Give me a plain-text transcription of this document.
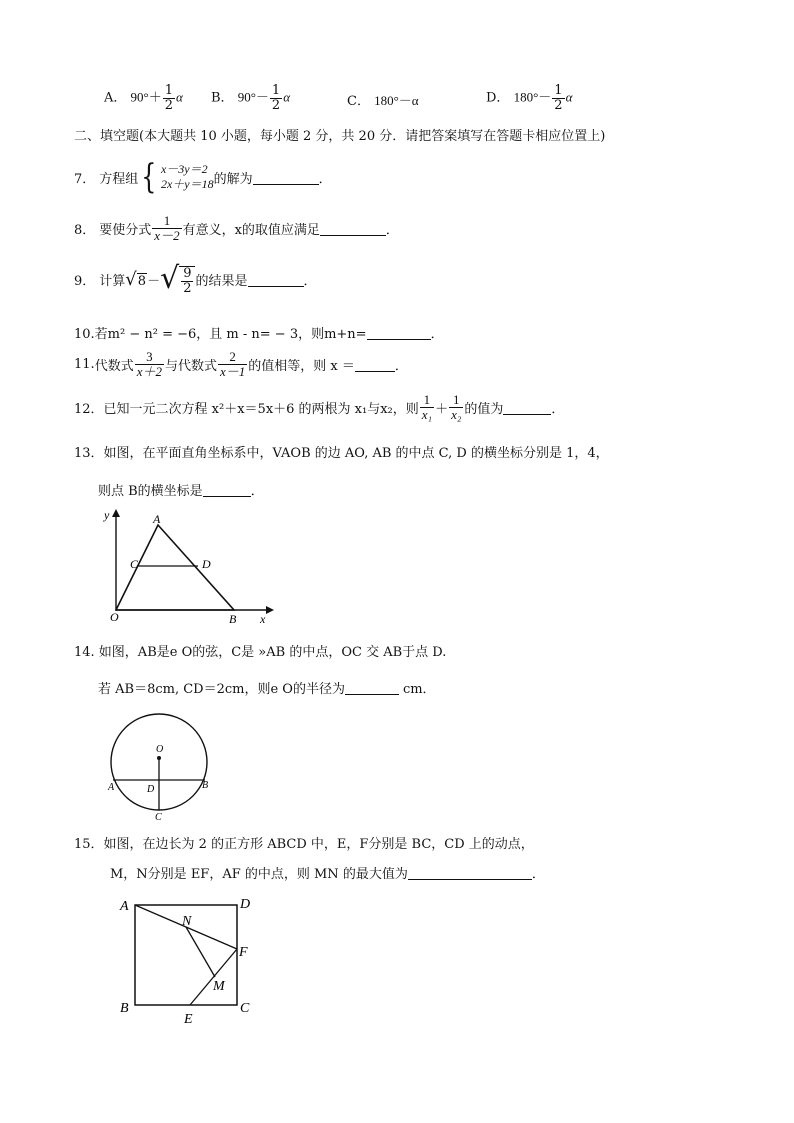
A． $90^\circ+ \frac{1}{2}$ α B． $90^\circ- \frac{1}{2}$ α	C． 180°－α	D． $180^\circ- \frac{1}{2}$ α
二、填空题(本大题共 10 小题，每小题 2 分，共 20 分．请把答案填写在答题卡相应位置上)
7． 方程组 { x－3y＝2
2x＋y＝18 的解为	．
8． 要使分式 $\frac{1}{x-2}$ 有意义，x的取值应满足	．
9． 计算 √ 8 － √ $\frac{9}{2}$ 的结果是	．
10.若m² − n² = −6，且 m - n= − 3，则m+n=	．
11. 代数式 $\frac{3}{x+2}$ 与代数式 $\frac{2}{x-1}$ 的值相等，则 x ＝	．
12．已知一元二次方程 x²＋x＝5x＋6 的两根为 x₁与x₂，则 $\frac{1}{\text{x₁}} + \frac{1}{\text{x₂}}$ 的值为	．
13．如图，在平面直角坐标系中，VAOB 的边 AO, AB 的中点 C, D 的横坐标分别是 1，4，
则点 B的横坐标是	．
y
x
A
B
C	D
O
14. 如图，AB是e O的弦，C是 »AB 的中点，OC 交 AB于点 D.
若 AB＝8cm, CD＝2cm，则e O的半径为	cm．
O
A	B
D
C
15．如图，在边长为 2 的正方形 ABCD 中，E，F分别是 BC，CD 上的动点，
M，N分别是 EF，AF 的中点，则 MN 的最大值为	．
A	D
B	C
F
E
N
M
